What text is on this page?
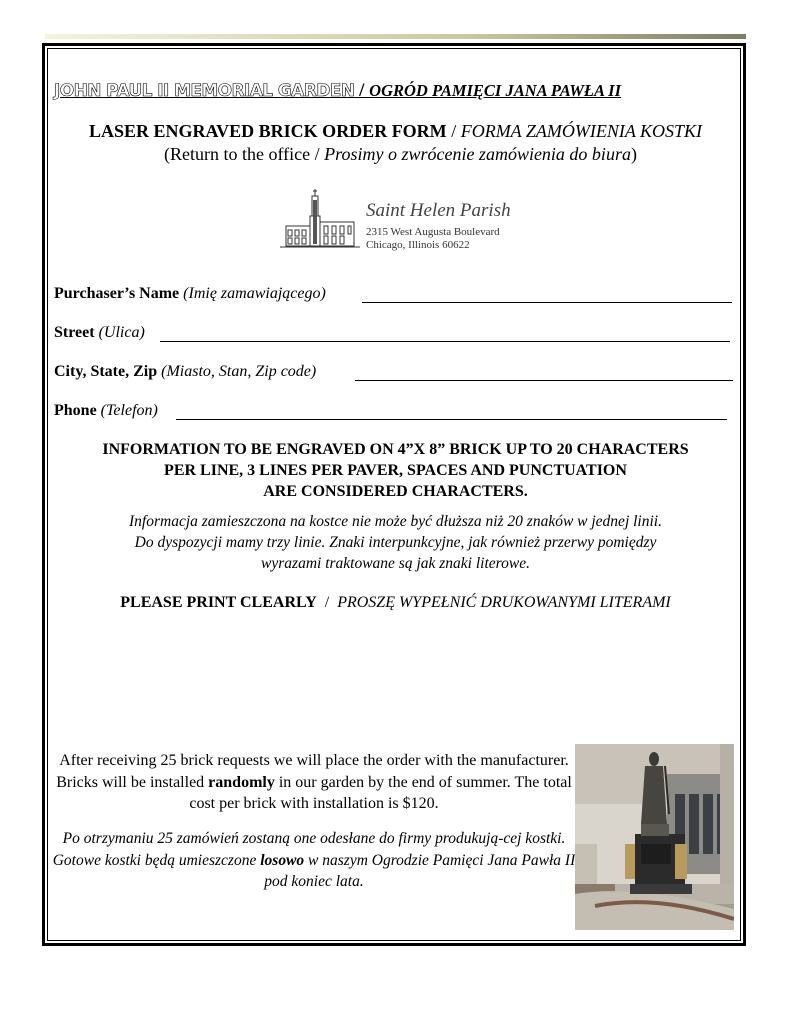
JOHN PAUL II MEMORIAL GARDEN / OGRÓD PAMIĘCI JANA PAWŁA II
LASER ENGRAVED BRICK ORDER FORM / FORMA ZAMÓWIENIA KOSTKI
(Return to the office / Prosimy o zwrócenie zamówienia do biura)
Saint Helen Parish
2315 West Augusta Boulevard
Chicago, Illinois 60622
Purchaser’s Name (Imię zamawiającego)
Street (Ulica)
City, State, Zip (Miasto, Stan, Zip code)
Phone (Telefon)
INFORMATION TO BE ENGRAVED ON 4”X 8” BRICK UP TO 20 CHARACTERS
PER LINE, 3 LINES PER PAVER, SPACES AND PUNCTUATION
ARE CONSIDERED CHARACTERS.
Informacja zamieszczona na kostce nie może być dłuższa niż 20 znaków w jednej linii.
Do dyspozycji mamy trzy linie. Znaki interpunkcyjne, jak również przerwy pomiędzy
wyrazami traktowane są jak znaki literowe.
PLEASE PRINT CLEARLY  /  PROSZĘ WYPEŁNIĆ DRUKOWANYMI LITERAMI
After receiving 25 brick requests we will place the order with the manufacturer. Bricks will be installed randomly in our garden by the end of summer. The total cost per brick with installation is $120.
Po otrzymaniu 25 zamówień zostaną one odesłane do firmy produkują-cej kostki. Gotowe kostki będą umieszczone losowo w naszym Ogrodzie Pamięci Jana Pawła II pod koniec lata.
